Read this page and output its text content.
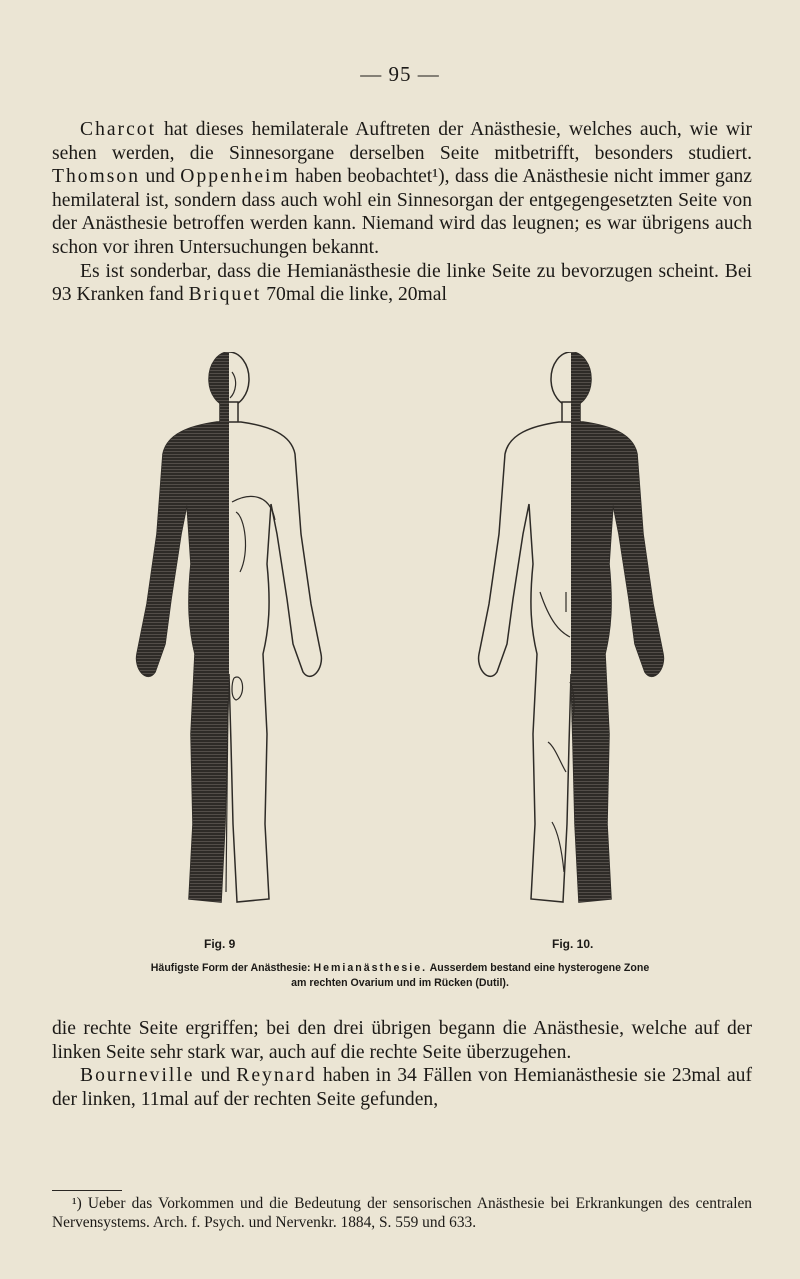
— 95 —

Charcot hat dieses hemilaterale Auftreten der Anästhesie, welches auch, wie wir sehen werden, die Sinnesorgane derselben Seite mitbetrifft, besonders studiert. Thomson und Oppenheim haben beobachtet¹), dass die Anästhesie nicht immer ganz hemilateral ist, sondern dass auch wohl ein Sinnesorgan der entgegengesetzten Seite von der Anästhesie betroffen werden kann. Niemand wird das leugnen; es war übrigens auch schon vor ihren Untersuchungen bekannt.

Es ist sonderbar, dass die Hemianästhesie die linke Seite zu bevorzugen scheint. Bei 93 Kranken fand Briquet 70mal die linke, 20mal

Fig. 9	Fig. 10.
Häufigste Form der Anästhesie: Hemianästhesie. Ausserdem bestand eine hysterogene Zone
am rechten Ovarium und im Rücken (Dutil).

die rechte Seite ergriffen; bei den drei übrigen begann die Anästhesie, welche auf der linken Seite sehr stark war, auch auf die rechte Seite überzugehen.

Bourneville und Reynard haben in 34 Fällen von Hemianästhesie sie 23mal auf der linken, 11mal auf der rechten Seite gefunden,

¹) Ueber das Vorkommen und die Bedeutung der sensorischen Anästhesie bei Erkrankungen des centralen Nervensystems. Arch. f. Psych. und Nervenkr. 1884, S. 559 und 633.
